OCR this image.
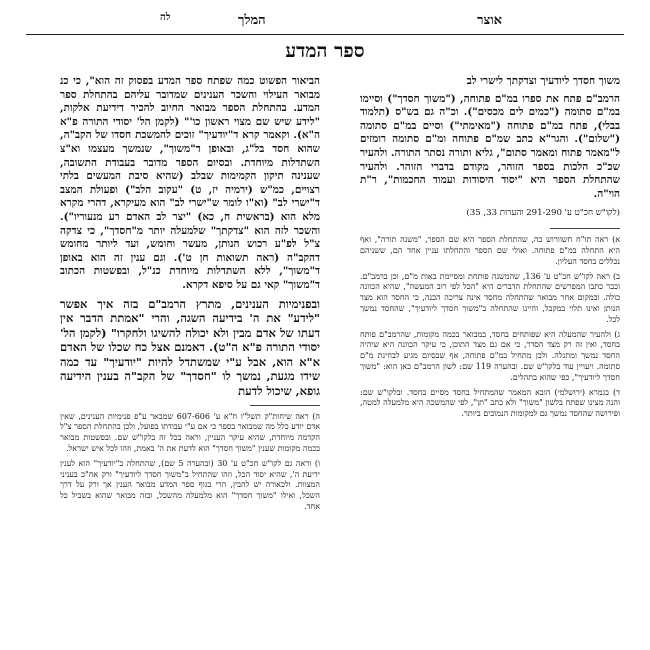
אוצר
המלך
לה
ספר המדע

משוך חסדך ליודעיך וצדקתך לישרי לב

הרמב"ם פתח את ספרו במ"ם פתוחה, ("משוך חסדך") וסיימו במ"ם סתומה ("כמים לים מכסים"). וכ"ה גם בש"ס (תלמוד בבלי), פתח במ"ם פתוחה ("מאימתי") וסיים במ"ם סתומה ("שלום"). והגר"א כתב שמ"ם פתוחה ומ"ם סתומה רומזים ל"מאמר פתוח ומאמר סתום", גליא ותורה נסתר התורה. ולהעיר שכ"כ הלכות בספר הזוהר, מקודם בדברי הזוהר. ולהעיר שהתחלת הספר היא "יסוד היסודות ועמוד החכמות", ר"ת הוי"ה.

(לקו"ש חכ"ט ע' 291-290 והערות 33, 35)

א) ראה תו"ח חשוורוש כה, שהתחלת הספר היא שם הספר, "משנה תורה", ואף היא התחלה במ"ם פתוחה. ואולי שם הספר והתחלתו עניין אחד הם, ששניהם נכללים בחסד העליון.

ב) ראה לקו"ש חכ"ט ע' 136, שהמשנה פותחת ומסיימת באות מ"ם, וכן ברמב"ם. וכבר כתבו המפרשים שהתחלת הדברים היא "הכל לפי רוב המעשה", שהיא הכוונה כולה. ובמקום אחר מבואר שהתחלה מחסד אינה צריכה הכנה, כי החסד הוא מצד הנותן ואינו תלוי במקבל, והיינו שהתחלה ב"משוך חסדך ליודעיך", שהחסד נמשך לכל.

ג) ולהעיר שהמעלה היא שפותחים בחסד, כמבואר בכמה מקומות, שהרמב"ם פותח בחסד, ואין זה רק מצד הסדר, כי אם גם מצד התוכן, כי עיקר הכוונה היא שיהיה החסד נמשך ומתגלה. ולכן מתחיל במ"ם פתוחה, אף שבסיום מגיע לבחינת מ"ם סתומה. ויעויין עוד בלקו"ש שם. ובהערה 119 שם: לשון הרמב"ם כאן הוא: "משוך חסדך ליודעיך", כפי שהוא בתהלים.

ד) בגמרא (ירושלמי) הובא המאמר שהמתחיל בחסד מסיים בחסד. ובלקו"ש שם: והנה מצינו שפתח בלשון "משוך" ולא כתב "תן", לפי שהמשכה היא מלמעלה למטה, ופירושה שהחסד נמשך גם למקומות הנמוכים ביותר.

הביאור הפשוט כמה שפתח ספר המדע בפסוק זה הוא", כי כנ מבואר העילוי והשכר הענינים שמדובר עליהם בהתחלת ספר המדע. בהתחלת הספר מבואר החיוב להכיר דידיעת אלקות, "לידע שיש שם מצוי ראשון כו'" (לקמן הל' יסודי התורה פ"א ה"א). וקאמר קרא ד"יודעיך" זוכים להמשכת חסדו של הקב"ה, שהוא חסד בל"ג, ובאופן ד"משוך", שנמשך מעצמו וא"צ השתדלות מיוחדת. ובסיום הספר מדובר בעבודת התשובה, שענינה תיקון הקמימות שבלב (שהיא סיבת המעשים בלתי רצויים, כמ"ש (ירמיה יז, ט) "עקוב הלב") ופעולת המצב ד"ישרי לב" (וא"ו לומר ש"ישרי לב" הוא מעיקרא, דהרי מקרא מלא הוא (בראשית ח, כא) "יצר לב האדם רע מנעוריו"). והשכר לזה הוא "צדקתך" שלמעלה יותר מ"חסדך", כי צדקה צ"ל לפ"ע רכוש הנותן, מעשר וחומש, ועד ליותר מחומש דהקב"ה (ראה תשואות חן ט'). וגם ענין זה הוא באופן ד"משוך", ללא השתדלות מיוחדת כנ"ל, ובפשטות הכתוב ד"משוך" קאי גם על סיפא דקרא.

ובפנימיות הענינים, מתרץ הרמב"ם בזה איך אפשר "לידע" את ה' בידיעה השגה, והרי "אמתת הדבר אין דעתו של אדם מבין ולא יכולה להשיגו ולחקרו" (לקמן הל' יסודי התורה פ"א ה"ט). דאמנם אצל כח שכלו של האדם א"א הוא, אבל ע"י שמשתדל להיות "יודעיך" עד כמה שידו מגעת, נמשך לו "חסדך" של הקב"ה בענין הידיעה גופא, שיכול לדעת

ה) ראה שיחות"ק תשל"ו ח"א ע' 607-606 שמבאר ע"פ פנימיות הענינים, שאין אדם יודע כלל מה שמבואר בספר כי אם ע"י עבודתו בפועל, ולכן בהתחלת הספר צ"ל הקדמה מיוחדת, שהיא עיקר העניין, וראה בכל זה בלקו"ש שם. ובפשטות מבואר בכמה מקומות שענין "משוך חסדך" הוא לדעת את ה' באמת, וזהו לכל איש ישראל.

ו) וראה גם לקו"ש חכ"ט ע' 30 (ובהערה 5 שם), שהתחלה ב"יודעיך" הוא לענין ידיעת ה', שהיא יסוד הכל, וזהו שהתחיל ב"משוך חסדך ליודעיך" ורק אח"כ בעניני המצוות. ולכאורה יש להבין, הרי בגוף ספר המדע מבואר הענין אך ורק על דרך השכל, ואילו "משוך חסדך" הוא מלמעלה מהשכל, ובזה מבואר שהוא בשביל כל אחד.
